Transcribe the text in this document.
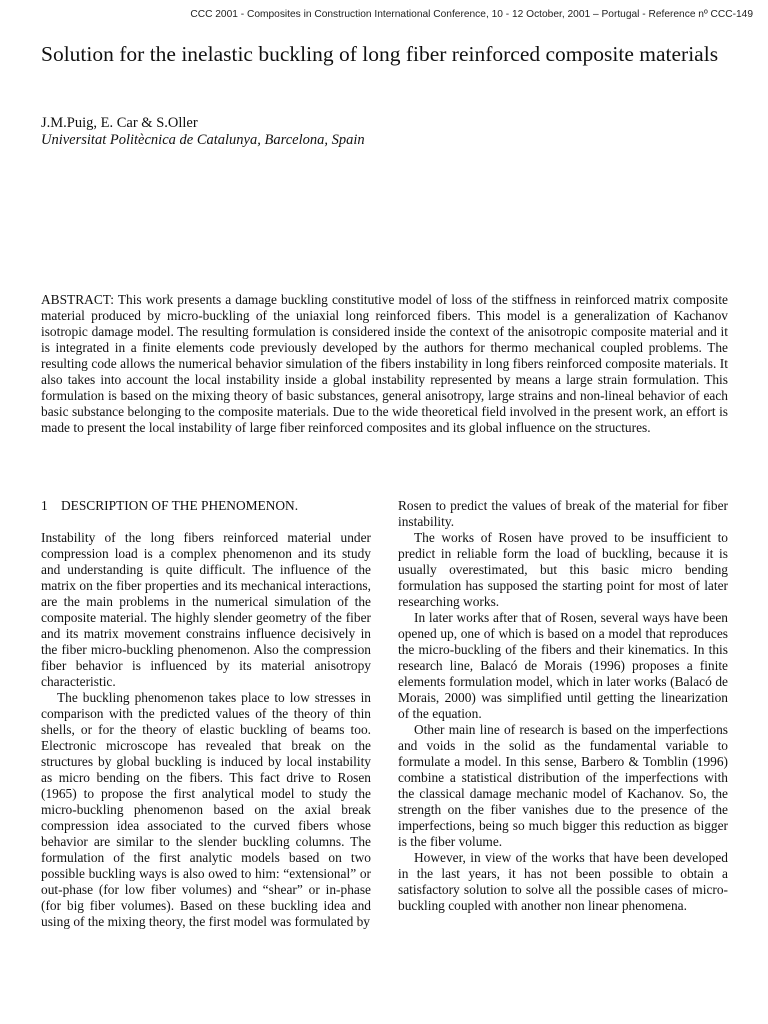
CCC 2001 - Composites in Construction International Conference, 10 - 12 October, 2001 – Portugal - Reference nº CCC-149
Solution for the inelastic buckling of long fiber reinforced composite materials
J.M.Puig, E. Car & S.Oller
Universitat Politècnica de Catalunya, Barcelona, Spain

ABSTRACT: This work presents a damage buckling constitutive model of loss of the stiffness in reinforced matrix composite material produced by micro-buckling of the uniaxial long reinforced fibers. This model is a generalization of Kachanov isotropic damage model. The resulting formulation is considered inside the context of the anisotropic composite material and it is integrated in a finite elements code previously developed by the authors for thermo mechanical coupled problems. The resulting code allows the numerical behavior simulation of the fibers instability in long fibers reinforced composite materials. It also takes into account the local instability inside a global instability represented by means a large strain formulation. This formulation is based on the mixing theory of basic substances, general anisotropy, large strains and non-lineal behavior of each basic substance belonging to the composite materials. Due to the wide theoretical field involved in the present work, an effort is made to present the local instability of large fiber reinforced composites and its global influence on the structures.

1 DESCRIPTION OF THE PHENOMENON.

Instability of the long fibers reinforced material under compression load is a complex phenomenon and its study and understanding is quite difficult. The influence of the matrix on the fiber properties and its mechanical interactions, are the main problems in the numerical simulation of the composite material. The highly slender geometry of the fiber and its matrix movement constrains influence decisively in the fiber micro-buckling phenomenon. Also the compression fiber behavior is influenced by its material anisotropy characteristic.

The buckling phenomenon takes place to low stresses in comparison with the predicted values of the theory of thin shells, or for the theory of elastic buckling of beams too. Electronic microscope has revealed that break on the structures by global buckling is induced by local instability as micro bending on the fibers. This fact drive to Rosen (1965) to propose the first analytical model to study the micro-buckling phenomenon based on the axial break compression idea associated to the curved fibers whose behavior are similar to the slender buckling columns. The formulation of the first analytic models based on two possible buckling ways is also owed to him: “extensional” or out-phase (for low fiber volumes) and “shear” or in-phase (for big fiber volumes). Based on these buckling idea and using of the mixing theory, the first model was formulated by

Rosen to predict the values of break of the material for fiber instability.

The works of Rosen have proved to be insufficient to predict in reliable form the load of buckling, because it is usually overestimated, but this basic micro bending formulation has supposed the starting point for most of later researching works.

In later works after that of Rosen, several ways have been opened up, one of which is based on a model that reproduces the micro-buckling of the fibers and their kinematics. In this research line, Balacó de Morais (1996) proposes a finite elements formulation model, which in later works (Balacó de Morais, 2000) was simplified until getting the linearization of the equation.

Other main line of research is based on the imperfections and voids in the solid as the fundamental variable to formulate a model. In this sense, Barbero & Tomblin (1996) combine a statistical distribution of the imperfections with the classical damage mechanic model of Kachanov. So, the strength on the fiber vanishes due to the presence of the imperfections, being so much bigger this reduction as bigger is the fiber volume.

However, in view of the works that have been developed in the last years, it has not been possible to obtain a satisfactory solution to solve all the possible cases of micro-buckling coupled with another non linear phenomena.
